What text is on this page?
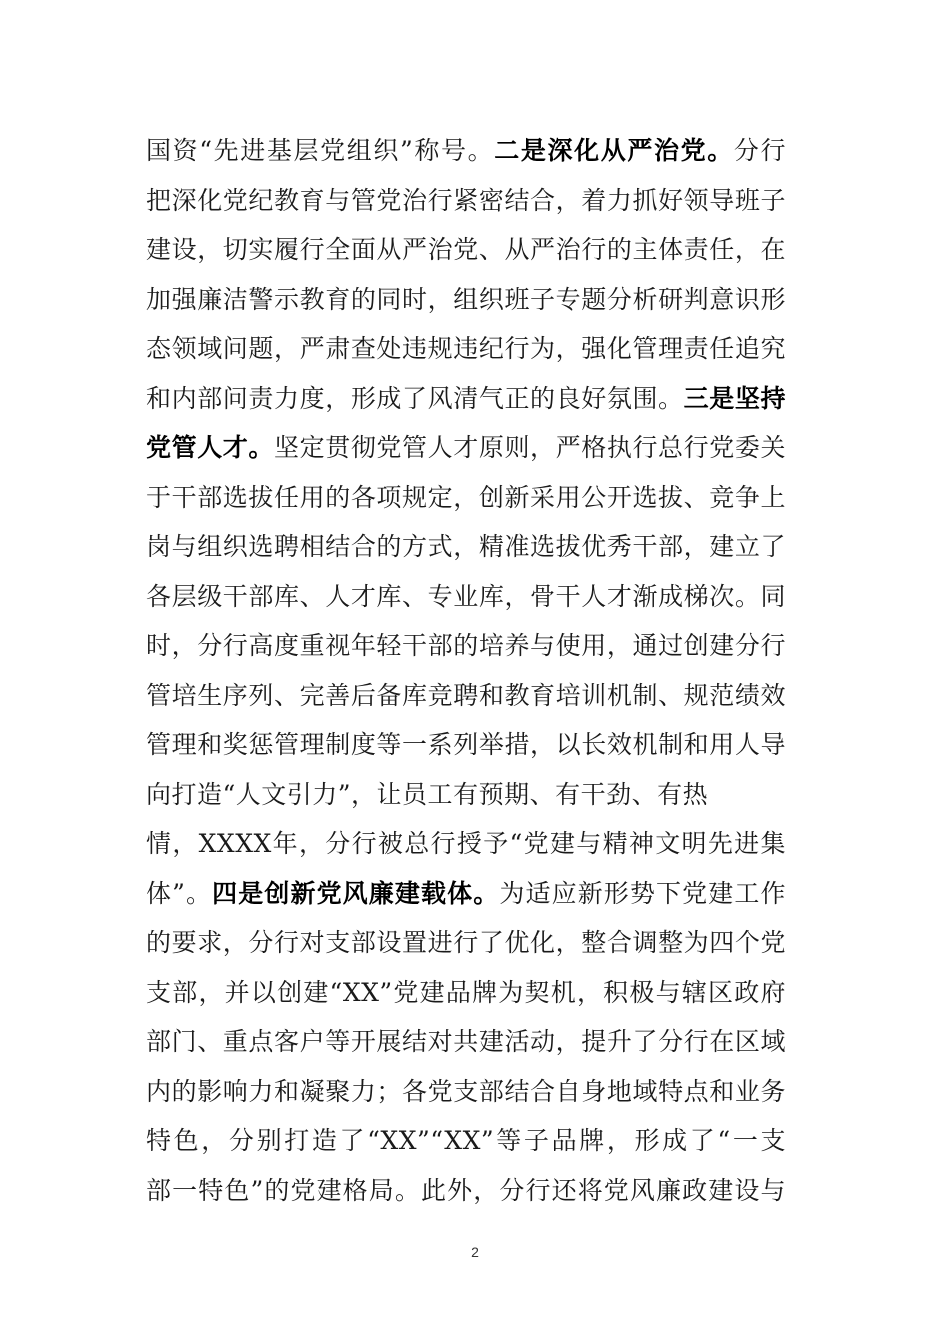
国资“先进基层党组织”称号。二是深化从严治党。分行
把深化党纪教育与管党治行紧密结合，着力抓好领导班子
建设，切实履行全面从严治党、从严治行的主体责任，在
加强廉洁警示教育的同时，组织班子专题分析研判意识形
态领域问题，严肃查处违规违纪行为，强化管理责任追究
和内部问责力度，形成了风清气正的良好氛围。三是坚持
党管人才。坚定贯彻党管人才原则，严格执行总行党委关
于干部选拔任用的各项规定，创新采用公开选拔、竞争上
岗与组织选聘相结合的方式，精准选拔优秀干部，建立了
各层级干部库、人才库、专业库，骨干人才渐成梯次。同
时，分行高度重视年轻干部的培养与使用，通过创建分行
管培生序列、完善后备库竞聘和教育培训机制、规范绩效
管理和奖惩管理制度等一系列举措，以长效机制和用人导
向打造“人文引力”，让员工有预期、有干劲、有热
情，XXXX年，分行被总行授予“党建与精神文明先进集
体”。四是创新党风廉建载体。为适应新形势下党建工作
的要求，分行对支部设置进行了优化，整合调整为四个党
支部，并以创建“XX”党建品牌为契机，积极与辖区政府
部门、重点客户等开展结对共建活动，提升了分行在区域
内的影响力和凝聚力；各党支部结合自身地域特点和业务
特色，分别打造了“XX”“XX”等子品牌，形成了“一支
部一特色”的党建格局。此外，分行还将党风廉政建设与
2
